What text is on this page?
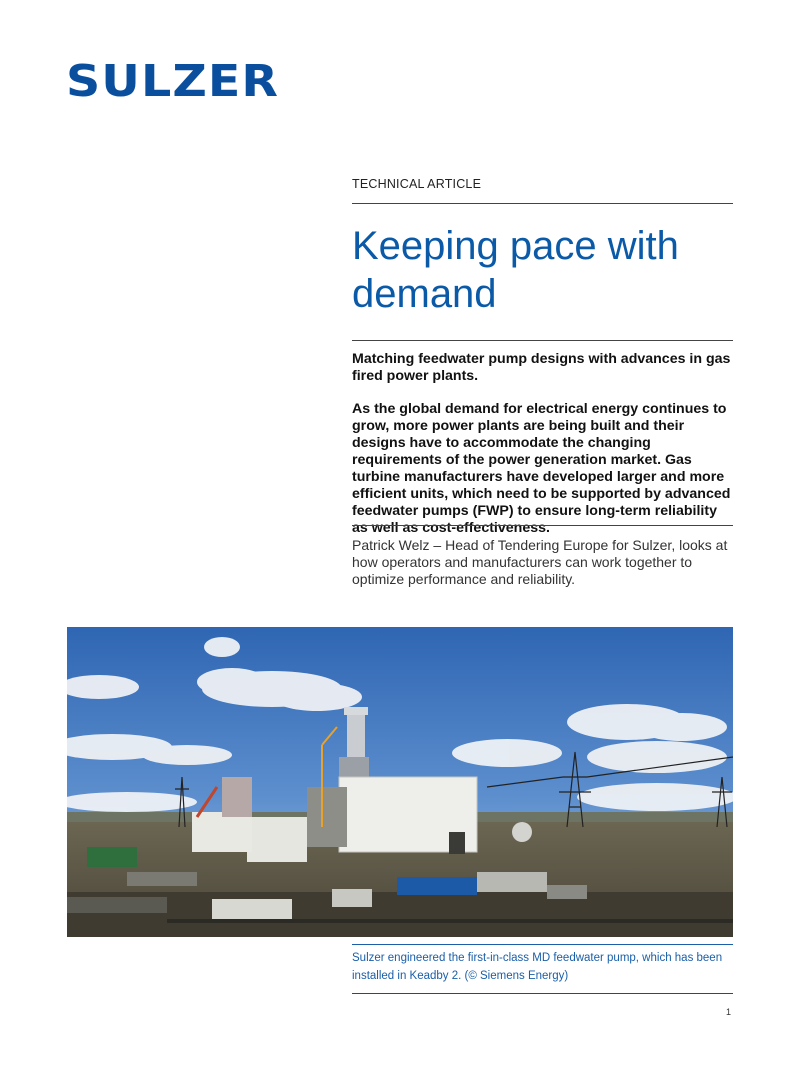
SULZER
TECHNICAL ARTICLE
Keeping pace with
demand

Matching feedwater pump designs with advances in gas fired power plants.

As the global demand for electrical energy continues to grow, more power plants are being built and their designs have to accommodate the changing requirements of the power generation market. Gas turbine manufacturers have developed larger and more efficient units, which need to be supported by advanced feedwater pumps (FWP) to ensure long-term reliability as well as cost-effectiveness.

Patrick Welz – Head of Tendering Europe for Sulzer, looks at how operators and manufacturers can work together to optimize performance and reliability.

Sulzer engineered the first-in-class MD feedwater pump, which has been installed in Keadby 2. (© Siemens Energy)

1
